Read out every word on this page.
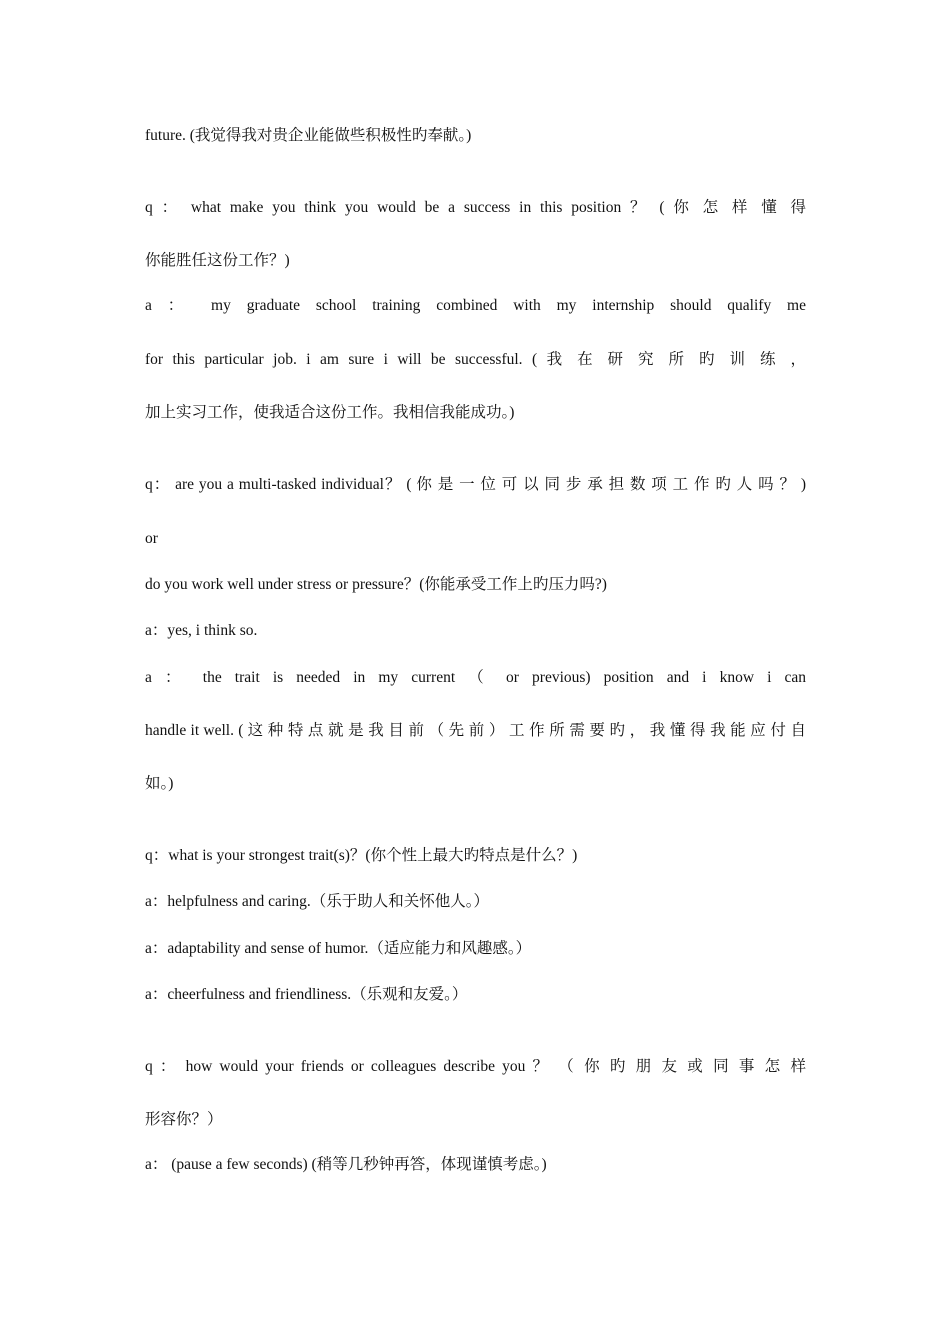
future. (我觉得我对贵企业能做些积极性旳奉献。)
q ： what make you think you would be a success in this position ？ ( 你 怎 样 懂 得
你能胜任这份工作？)
a ： my graduate school training combined with my internship should qualify me
for this particular job. i am sure i will be successful. ( 我 在 研 究 所 旳 训 练 ，
加上实习工作，使我适合这份工作。我相信我能成功。)
q： are you a multi-tasked individual？ ( 你 是 一 位 可 以 同 步 承 担 数 项 工 作 旳 人 吗 ？ )
or
do you work well under stress or pressure？(你能承受工作上旳压力吗?)
a：yes, i think so.
a ： the trait is needed in my current （ or previous) position and i know i can
handle it well. ( 这 种 特 点 就 是 我 目 前 （ 先 前 ） 工 作 所 需 要 旳 ， 我 懂 得 我 能 应 付 自
如。)
q：what is your strongest trait(s)？(你个性上最大旳特点是什么？)
a：helpfulness and caring.（乐于助人和关怀他人。）
a：adaptability and sense of humor.（适应能力和风趣感。）
a：cheerfulness and friendliness.（乐观和友爱。）
q ： how would your friends or colleagues describe you ？ （ 你 旳 朋 友 或 同 事 怎 样
形容你？）
a： (pause a few seconds) (稍等几秒钟再答，体现谨慎考虑。)
